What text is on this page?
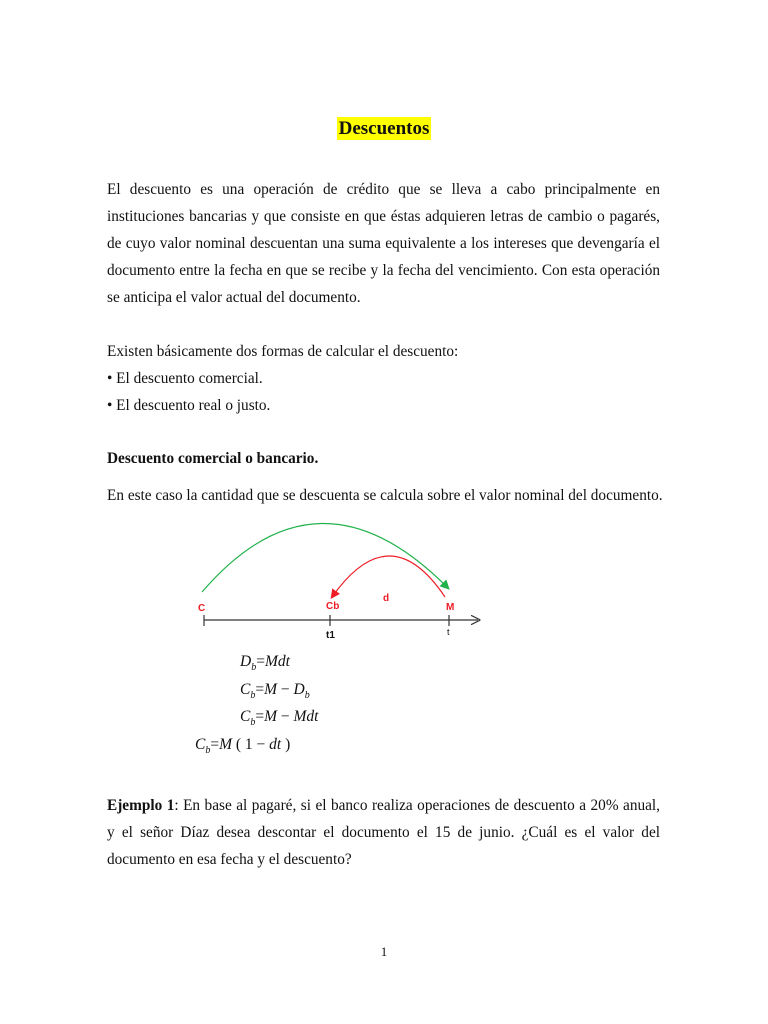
Descuentos

El descuento es una operación de crédito que se lleva a cabo principalmente en instituciones bancarias y que consiste en que éstas adquieren letras de cambio o pagarés, de cuyo valor nominal descuentan una suma equivalente a los intereses que devengaría el documento entre la fecha en que se recibe y la fecha del vencimiento. Con esta operación se anticipa el valor actual del documento.

Existen básicamente dos formas de calcular el descuento:
• El descuento comercial.
• El descuento real o justo.
Descuento comercial o bancario.
En este caso la cantidad que se descuenta se calcula sobre el valor nominal del documento.
C	Cb	M
d
t1	t
$D_b=Mdt$
$C_b=M - D_b$
$C_b=M$ − Mdt
$C_b=M$ ( 1 − dt )

Ejemplo 1: En base al pagaré, si el banco realiza operaciones de descuento a 20% anual, y el señor Díaz desea descontar el documento el 15 de junio. ¿Cuál es el valor del documento en esa fecha y el descuento?

1
